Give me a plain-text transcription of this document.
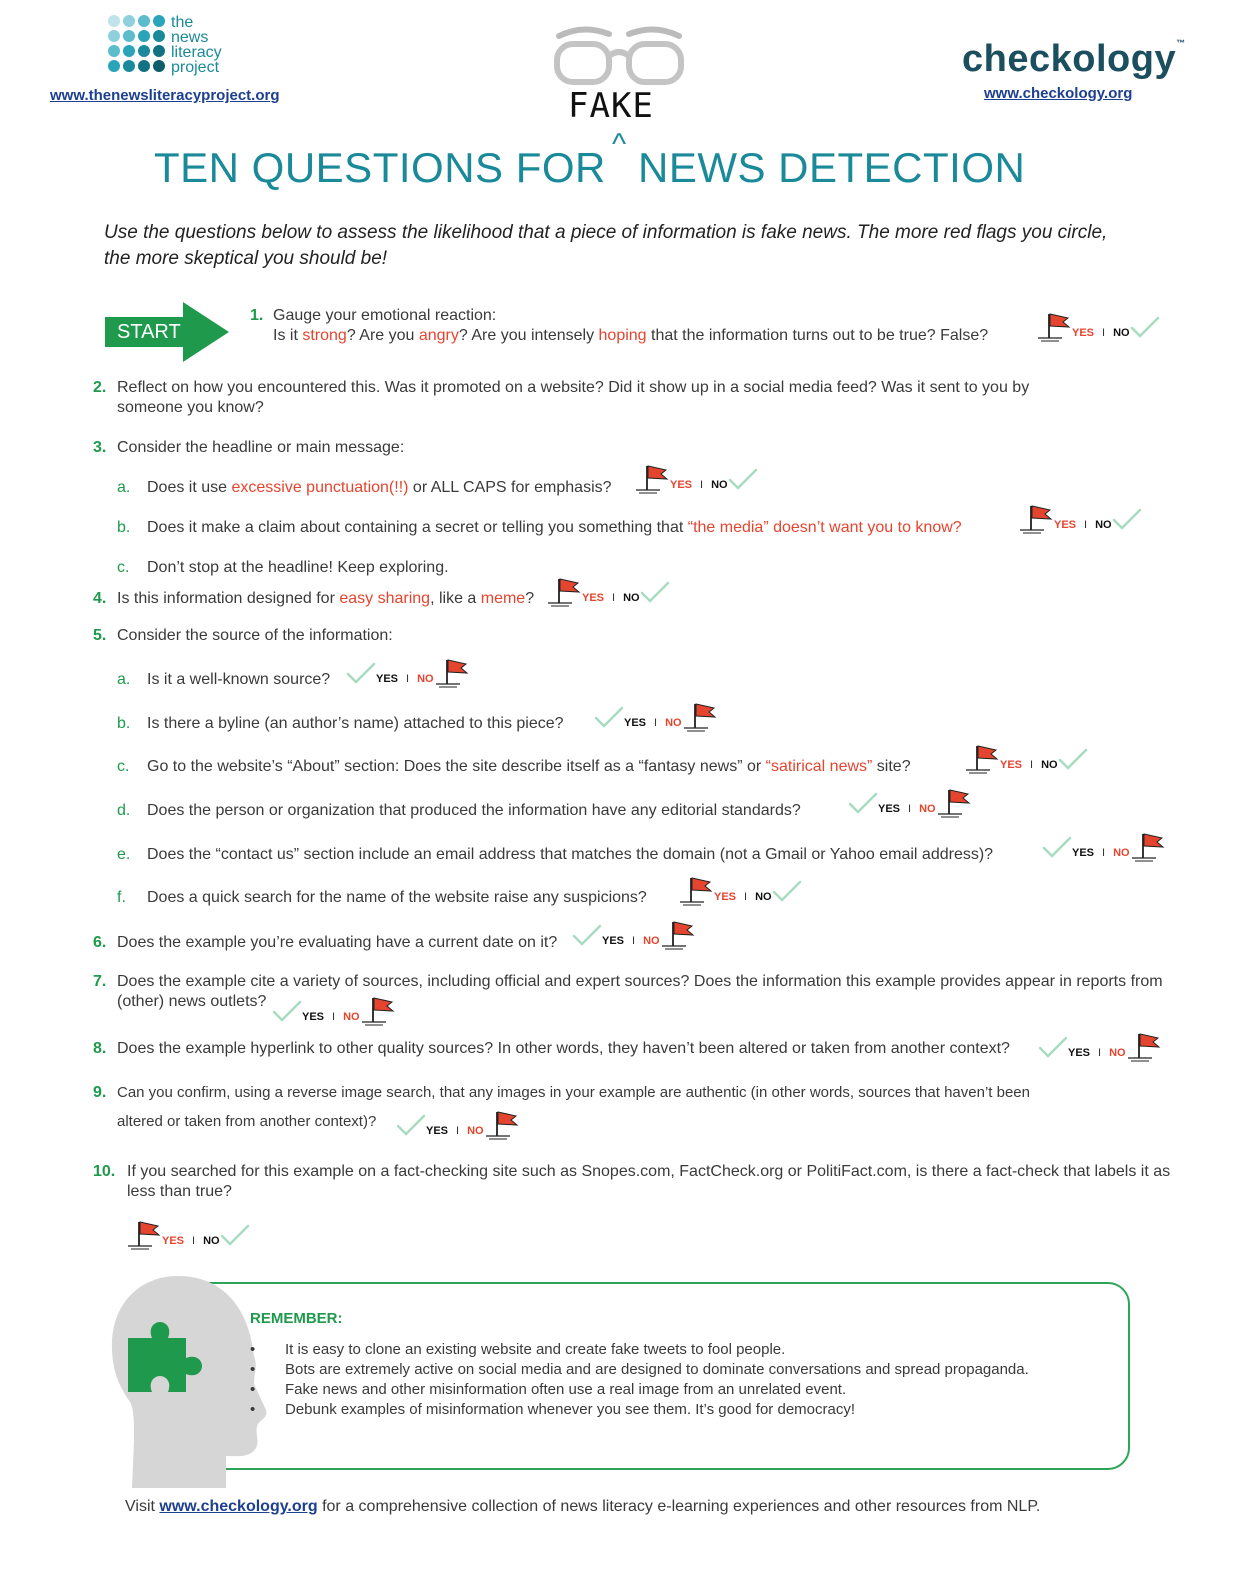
the
news
literacy
project
www.thenewsliteracyproject.org
checkology™
www.checkology.org
FAKE
^
TEN QUESTIONS FOR NEWS DETECTION
Use the questions below to assess the likelihood that a piece of information is fake news. The more red flags you circle, the more skeptical you should be!
START
1. Gauge your emotional reaction:
Is it strong? Are you angry? Are you intensely hoping that the information turns out to be true? False?	YES I NO
2. Reflect on how you encountered this. Was it promoted on a website? Did it show up in a social media feed? Was it sent to you by someone you know?
3. Consider the headline or main message:
a. Does it use excessive punctuation(!!) or ALL CAPS for emphasis?	YES I NO
b. Does it make a claim about containing a secret or telling you something that “the media” doesn’t want you to know?	YES I NO
c. Don’t stop at the headline! Keep exploring.
4. Is this information designed for easy sharing, like a meme?	YES I NO
5. Consider the source of the information:
a. Is it a well-known source?	YES I NO
b. Is there a byline (an author’s name) attached to this piece?	YES I NO
c. Go to the website’s “About” section: Does the site describe itself as a “fantasy news” or “satirical news” site?	YES I NO
d. Does the person or organization that produced the information have any editorial standards?	YES I NO
e. Does the “contact us” section include an email address that matches the domain (not a Gmail or Yahoo email address)?	YES I NO
f. Does a quick search for the name of the website raise any suspicions?	YES I NO
6. Does the example you’re evaluating have a current date on it?	YES I NO
7. Does the example cite a variety of sources, including official and expert sources? Does the information this example provides appear in reports from
(other) news outlets?
YES I NO
8. Does the example hyperlink to other quality sources? In other words, they haven’t been altered or taken from another context?	YES I NO
9. Can you confirm, using a reverse image search, that any images in your example are authentic (in other words, sources that haven’t been
altered or taken from another context)?
YES I NO
10. If you searched for this example on a fact-checking site such as Snopes.com, FactCheck.org or PolitiFact.com, is there a fact-check that labels it as less than true?
YES I NO
REMEMBER:
•	It is easy to clone an existing website and create fake tweets to fool people.
•	Bots are extremely active on social media and are designed to dominate conversations and spread propaganda.
•	Fake news and other misinformation often use a real image from an unrelated event.
•	Debunk examples of misinformation whenever you see them. It’s good for democracy!
Visit www.checkology.org for a comprehensive collection of news literacy e-learning experiences and other resources from NLP.
